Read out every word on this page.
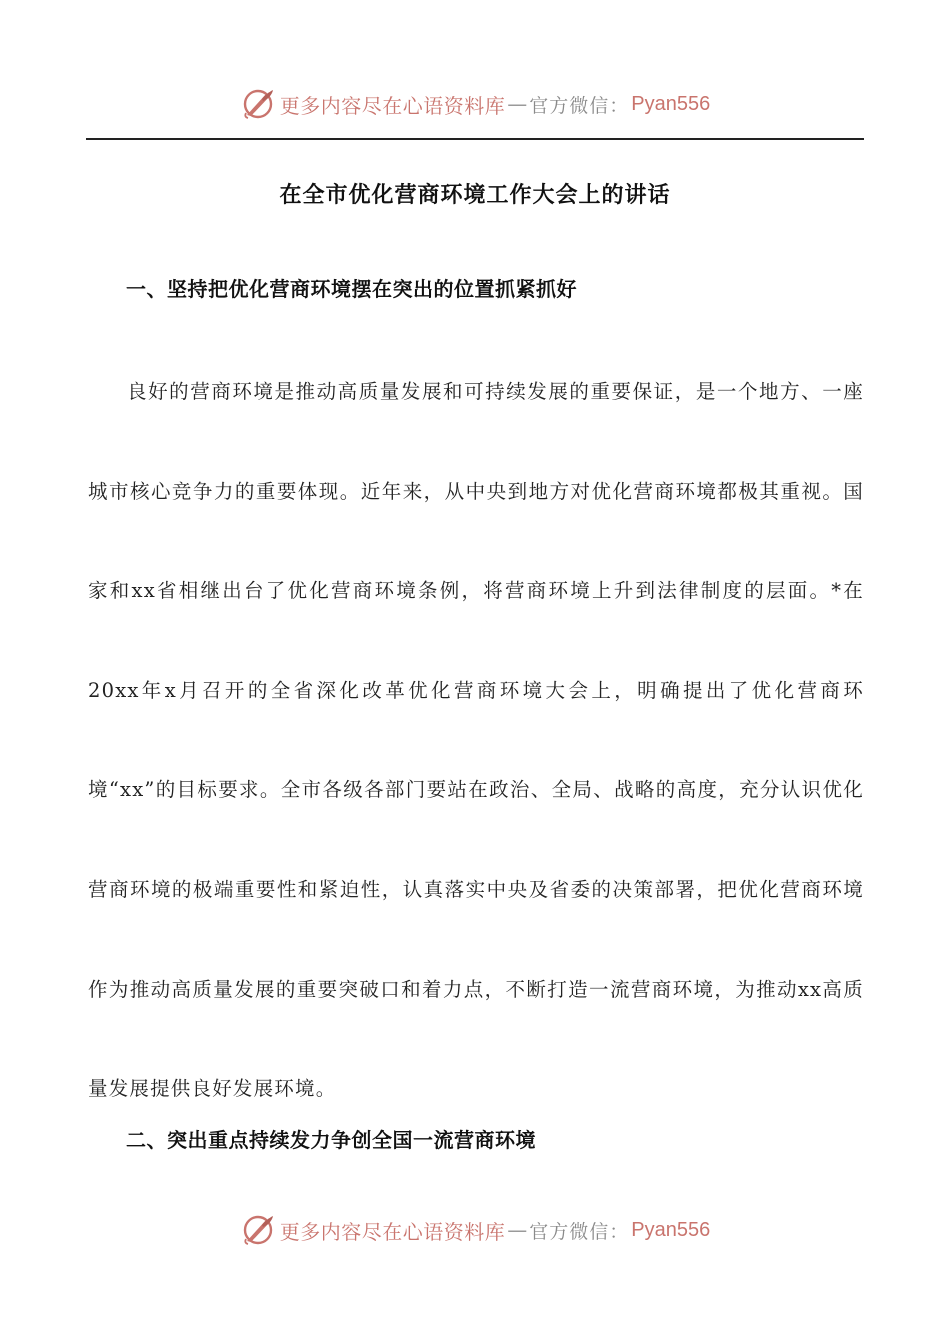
更多内容尽在心语资料库 — 官方微信： Pyan556
在全市优化营商环境工作大会上的讲话
一、坚持把优化营商环境摆在突出的位置抓紧抓好

良好的营商环境是推动高质量发展和可持续发展的重要保证，是一个地方、一座城市核心竞争力的重要体现。近年来，从中央到地方对优化营商环境都极其重视。国家和xx省相继出台了优化营商环境条例，将营商环境上升到法律制度的层面。*在20xx年x月召开的全省深化改革优化营商环境大会上，明确提出了优化营商环境“xx”的目标要求。全市各级各部门要站在政治、全局、战略的高度，充分认识优化营商环境的极端重要性和紧迫性，认真落实中央及省委的决策部署，把优化营商环境作为推动高质量发展的重要突破口和着力点，不断打造一流营商环境，为推动xx高质量发展提供良好发展环境。

二、突出重点持续发力争创全国一流营商环境
更多内容尽在心语资料库 — 官方微信： Pyan556
